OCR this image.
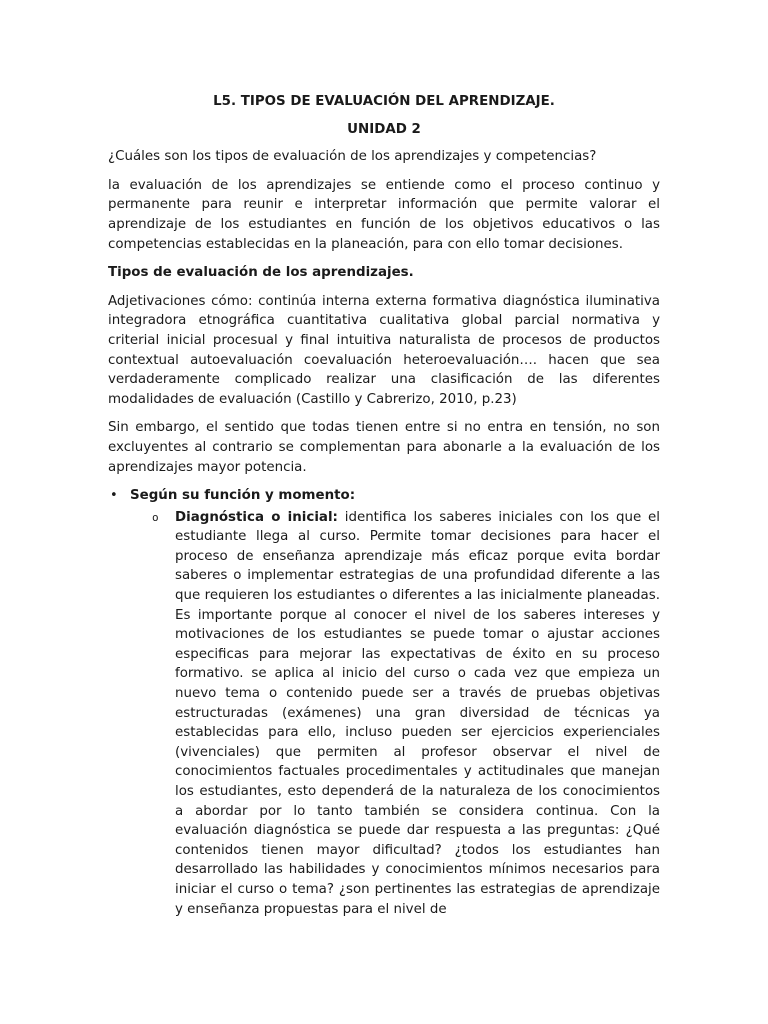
L5. TIPOS DE EVALUACIÓN DEL APRENDIZAJE.

UNIDAD 2

¿Cuáles son los tipos de evaluación de los aprendizajes y competencias?

la evaluación de los aprendizajes se entiende como el proceso continuo y permanente para reunir e interpretar información que permite valorar el aprendizaje de los estudiantes en función de los objetivos educativos o las competencias establecidas en la planeación, para con ello tomar decisiones.

Tipos de evaluación de los aprendizajes.

Adjetivaciones cómo: continúa interna externa formativa diagnóstica iluminativa integradora etnográfica cuantitativa cualitativa global parcial normativa y criterial inicial procesual y final intuitiva naturalista de procesos de productos contextual autoevaluación coevaluación heteroevaluación…. hacen que sea verdaderamente complicado realizar una clasificación de las diferentes modalidades de evaluación (Castillo y Cabrerizo, 2010, p.23)

Sin embargo, el sentido que todas tienen entre si no entra en tensión, no son excluyentes al contrario se complementan para abonarle a la evaluación de los aprendizajes mayor potencia.

• Según su función y momento:
o Diagnóstica o inicial: identifica los saberes iniciales con los que el estudiante llega al curso. Permite tomar decisiones para hacer el proceso de enseñanza aprendizaje más eficaz porque evita bordar saberes o implementar estrategias de una profundidad diferente a las que requieren los estudiantes o diferentes a las inicialmente planeadas. Es importante porque al conocer el nivel de los saberes intereses y motivaciones de los estudiantes se puede tomar o ajustar acciones especificas para mejorar las expectativas de éxito en su proceso formativo. se aplica al inicio del curso o cada vez que empieza un nuevo tema o contenido puede ser a través de pruebas objetivas estructuradas (exámenes) una gran diversidad de técnicas ya establecidas para ello, incluso pueden ser ejercicios experienciales (vivenciales) que permiten al profesor observar el nivel de conocimientos factuales procedimentales y actitudinales que manejan los estudiantes, esto dependerá de la naturaleza de los conocimientos a abordar por lo tanto también se considera continua. Con la evaluación diagnóstica se puede dar respuesta a las preguntas: ¿Qué contenidos tienen mayor dificultad? ¿todos los estudiantes han desarrollado las habilidades y conocimientos mínimos necesarios para iniciar el curso o tema? ¿son pertinentes las estrategias de aprendizaje y enseñanza propuestas para el nivel de
